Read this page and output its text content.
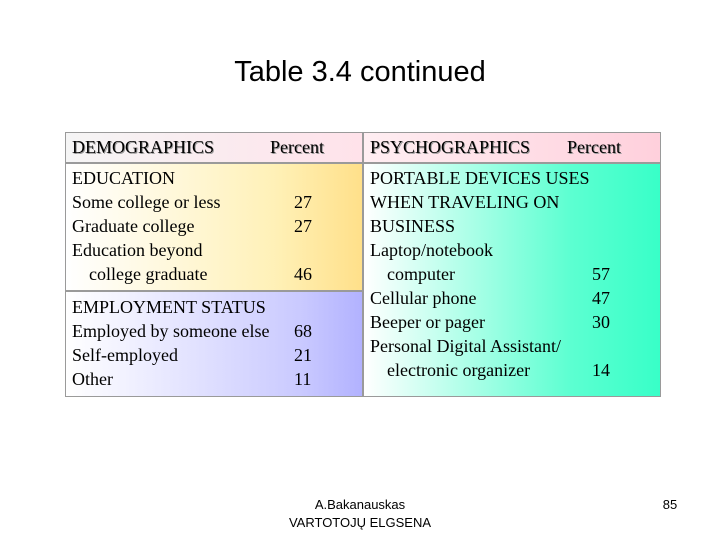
Table 3.4 continued
DEMOGRAPHICS	Percent	PSYCHOGRAPHICS Percent
EDUCATION
Some college or less	27
Graduate college	27
Education beyond
college graduate	46
EMPLOYMENT STATUS
Employed by someone else 68
Self-employed	21
Other	11
PORTABLE DEVICES USES
WHEN TRAVELING ON
BUSINESS
Laptop/notebook
computer	57
Cellular phone	47
Beeper or pager	30
Personal Digital Assistant/
electronic organizer	14
A.Bakanauskas
VARTOTOJŲ ELGSENA
85
